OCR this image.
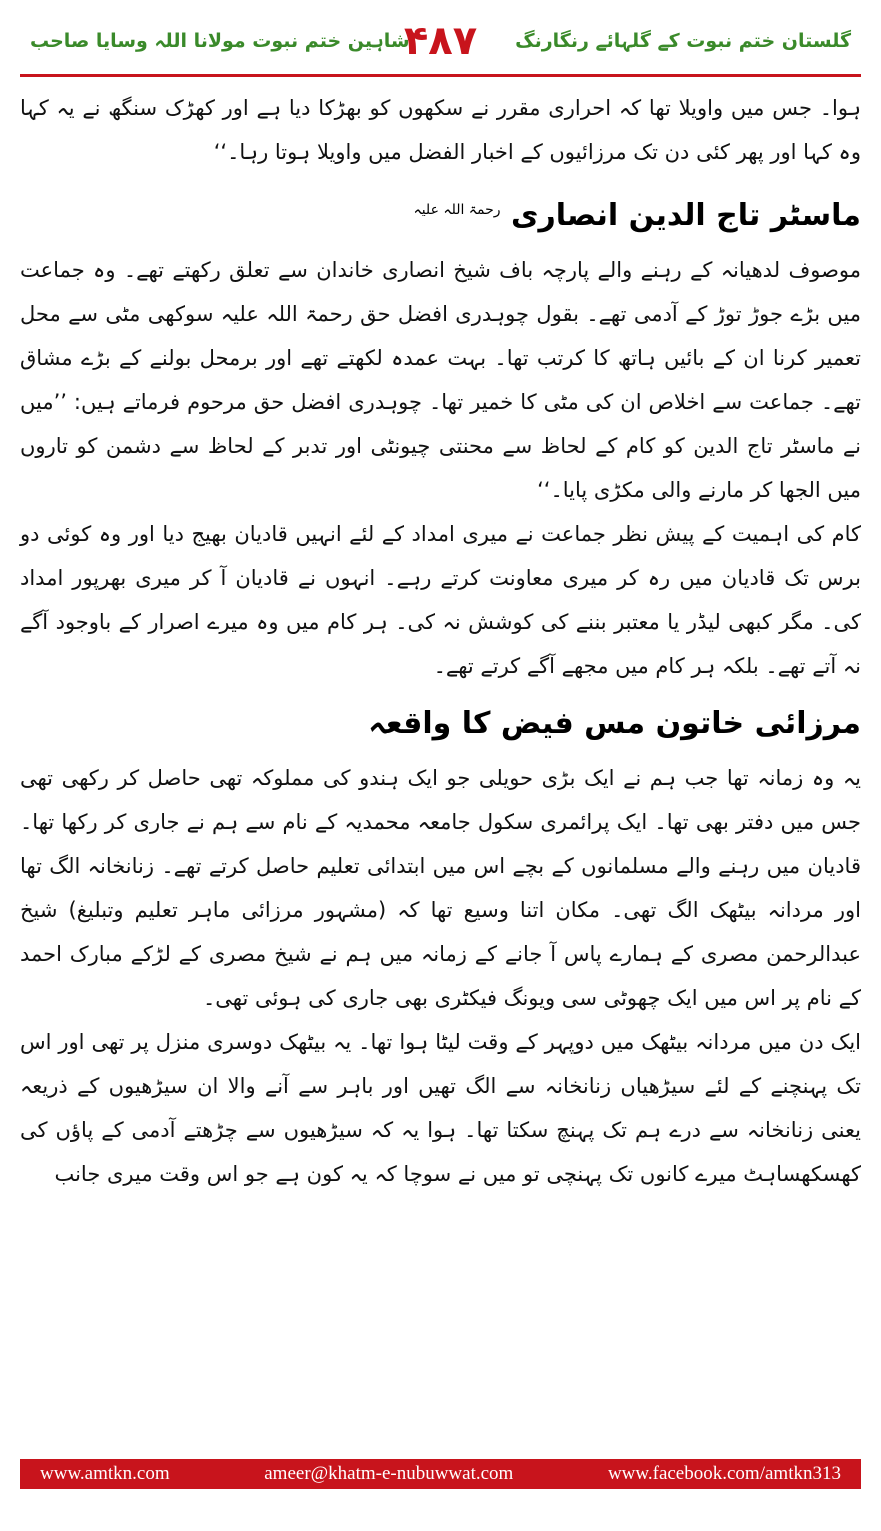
شاہین ختم نبوت مولانا اللہ وسایا صاحب
۴۸۷	گلستان ختم نبوت کے گلہائے رنگارنگ

ہوا۔ جس میں واویلا تھا کہ احراری مقرر نے سکھوں کو بھڑکا دیا ہے اور کھڑک سنگھ نے یہ کہا وہ کہا اور پھر کئی دن تک مرزائیوں کے اخبار الفضل میں واویلا ہوتا رہا۔‘‘

ماسٹر تاج الدین انصاری $^{رحمۃ اللہ علیہ}$

موصوف لدھیانہ کے رہنے والے پارچہ باف شیخ انصاری خاندان سے تعلق رکھتے تھے۔ وہ جماعت میں بڑے جوڑ توڑ کے آدمی تھے۔ بقول چوہدری افضل حق رحمۃ اللہ علیہ سوکھی مٹی سے محل تعمیر کرنا ان کے بائیں ہاتھ کا کرتب تھا۔ بہت عمدہ لکھتے تھے اور برمحل بولنے کے بڑے مشاق تھے۔ جماعت سے اخلاص ان کی مٹی کا خمیر تھا۔ چوہدری افضل حق مرحوم فرماتے ہیں: ’’میں نے ماسٹر تاج الدین کو کام کے لحاظ سے محنتی چیونٹی اور تدبر کے لحاظ سے دشمن کو تاروں میں الجھا کر مارنے والی مکڑی پایا۔‘‘

کام کی اہمیت کے پیش نظر جماعت نے میری امداد کے لئے انہیں قادیان بھیج دیا اور وہ کوئی دو برس تک قادیان میں رہ کر میری معاونت کرتے رہے۔ انہوں نے قادیان آ کر میری بھرپور امداد کی۔ مگر کبھی لیڈر یا معتبر بننے کی کوشش نہ کی۔ ہر کام میں وہ میرے اصرار کے باوجود آگے نہ آتے تھے۔ بلکہ ہر کام میں مجھے آگے کرتے تھے۔

مرزائی خاتون مس فیض کا واقعہ

یہ وہ زمانہ تھا جب ہم نے ایک بڑی حویلی جو ایک ہندو کی مملوکہ تھی حاصل کر رکھی تھی جس میں دفتر بھی تھا۔ ایک پرائمری سکول جامعہ محمدیہ کے نام سے ہم نے جاری کر رکھا تھا۔ قادیان میں رہنے والے مسلمانوں کے بچے اس میں ابتدائی تعلیم حاصل کرتے تھے۔ زنانخانہ الگ تھا اور مردانہ بیٹھک الگ تھی۔ مکان اتنا وسیع تھا کہ (مشہور مرزائی ماہر تعلیم وتبلیغ) شیخ عبدالرحمن مصری کے ہمارے پاس آ جانے کے زمانہ میں ہم نے شیخ مصری کے لڑکے مبارک احمد کے نام پر اس میں ایک چھوٹی سی ویونگ فیکٹری بھی جاری کی ہوئی تھی۔

ایک دن میں مردانہ بیٹھک میں دوپہر کے وقت لیٹا ہوا تھا۔ یہ بیٹھک دوسری منزل پر تھی اور اس تک پہنچنے کے لئے سیڑھیاں زنانخانہ سے الگ تھیں اور باہر سے آنے والا ان سیڑھیوں کے ذریعہ یعنی زنانخانہ سے درے ہم تک پہنچ سکتا تھا۔ ہوا یہ کہ سیڑھیوں سے چڑھتے آدمی کے پاؤں کی کھسکھساہٹ میرے کانوں تک پہنچی تو میں نے سوچا کہ یہ کون ہے جو اس وقت میری جانب

www.amtkn.com	ameer@khatm-e-nubuwwat.com	www.facebook.com/amtkn313
